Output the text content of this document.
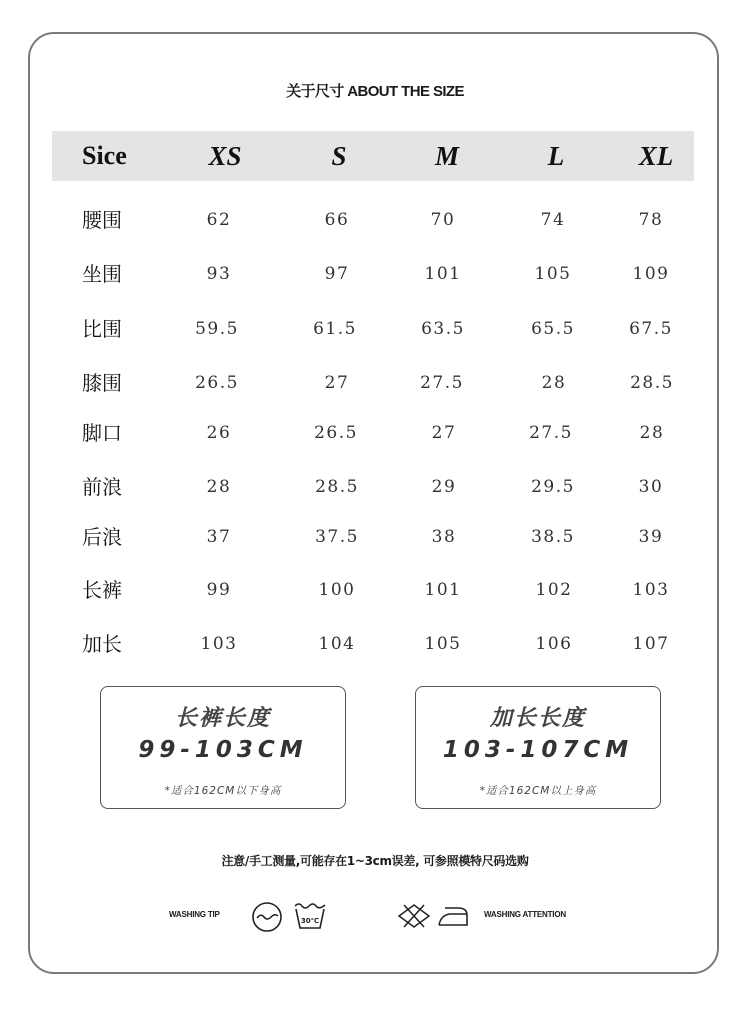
关于尺寸 ABOUT THE SIZE
Sice	XS	S	M	L	XL
腰围	62	66	70	74	78
坐围	93	97	101	105	109
比围	59.5	61.5	63.5	65.5	67.5
膝围	26.5	27	27.5	28	28.5
脚口	26	26.5	27	27.5	28
前浪	28	28.5	29	29.5	30
后浪	37	37.5	38	38.5	39
长裤	99	100	101	102	103
加长	103	104	105	106	107
长裤长度
99-103CM
*适合162CM以下身高
加长长度
103-107CM
*适合162CM以上身高
注意/手工测量,可能存在1~3cm误差, 可参照模特尺码选购
WASHING TIP
30℃
WASHING ATTENTION
